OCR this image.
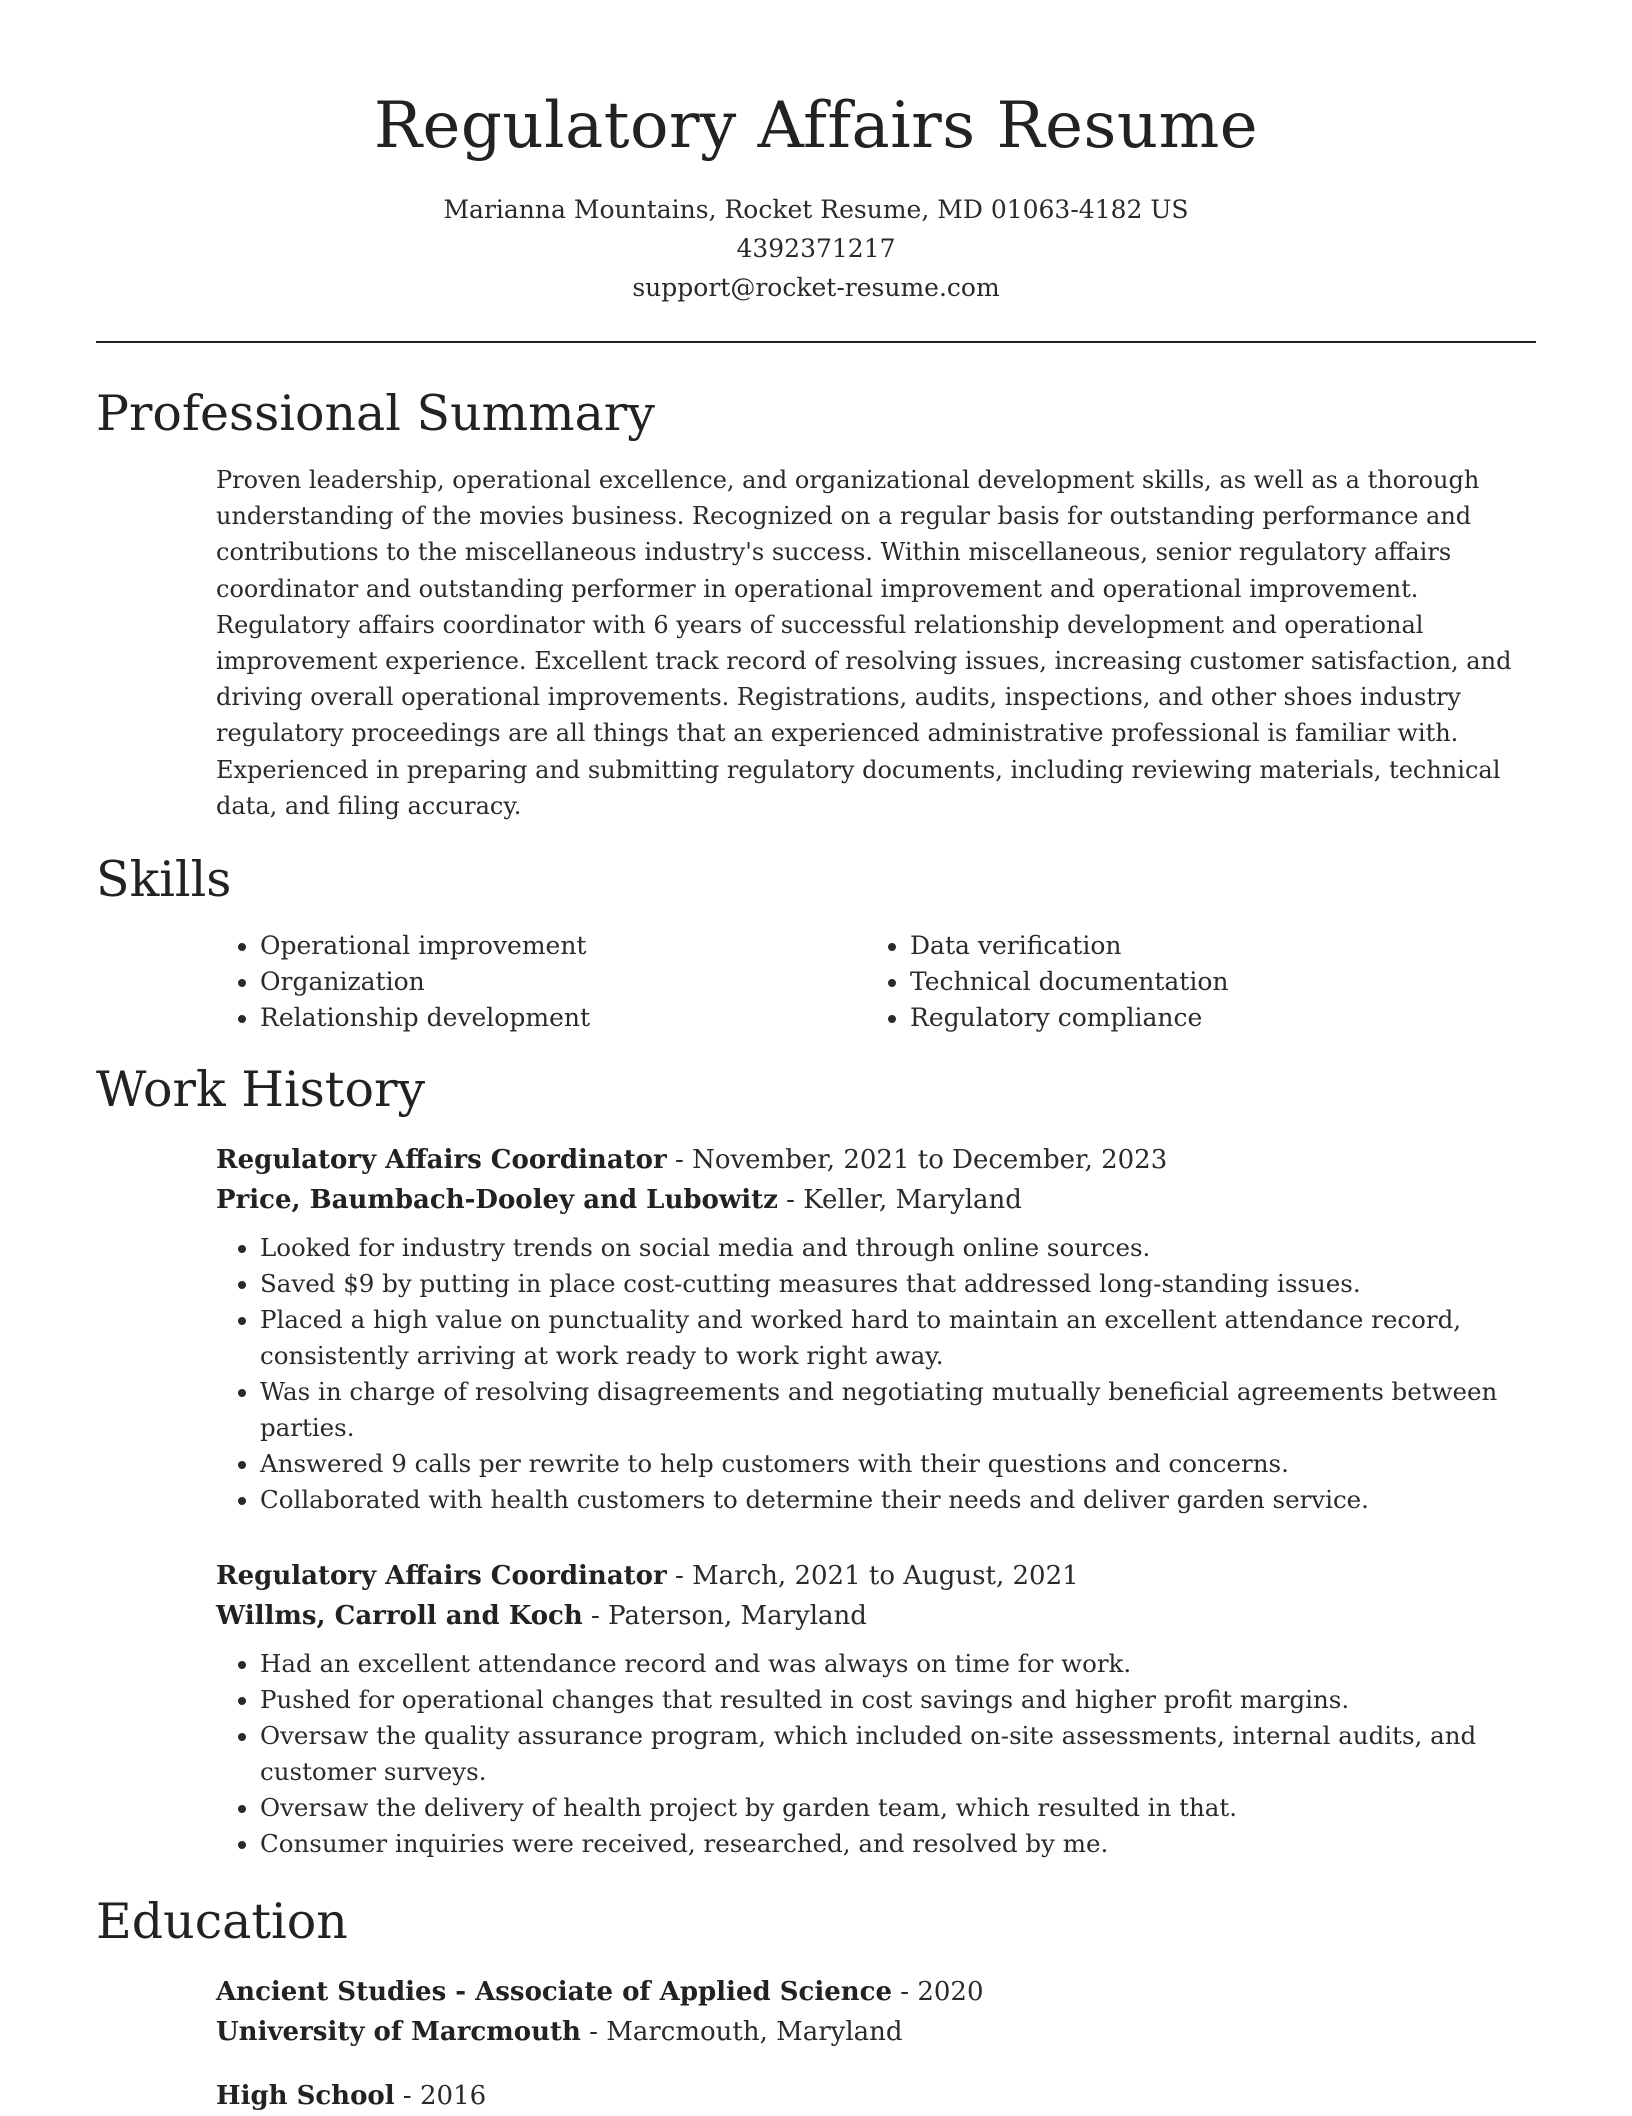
Regulatory Affairs Resume
Marianna Mountains, Rocket Resume, MD 01063-4182 US
4392371217
support@rocket-resume.com
Professional Summary

Proven leadership, operational excellence, and organizational development skills, as well as a thorough understanding of the movies business. Recognized on a regular basis for outstanding performance and contributions to the miscellaneous industry's success. Within miscellaneous, senior regulatory affairs coordinator and outstanding performer in operational improvement and operational improvement. Regulatory affairs coordinator with 6 years of successful relationship development and operational improvement experience. Excellent track record of resolving issues, increasing customer satisfaction, and driving overall operational improvements. Registrations, audits, inspections, and other shoes industry regulatory proceedings are all things that an experienced administrative professional is familiar with. Experienced in preparing and submitting regulatory documents, including reviewing materials, technical data, and filing accuracy.

Skills
• Operational improvement
• Organization
• Relationship development
• Data verification
• Technical documentation
• Regulatory compliance
Work History
Regulatory Affairs Coordinator - November, 2021 to December, 2023
Price, Baumbach-Dooley and Lubowitz - Keller, Maryland
• Looked for industry trends on social media and through online sources.
• Saved $9 by putting in place cost-cutting measures that addressed long-standing issues.
• Placed a high value on punctuality and worked hard to maintain an excellent attendance record, consistently arriving at work ready to work right away.
• Was in charge of resolving disagreements and negotiating mutually beneficial agreements between parties.
• Answered 9 calls per rewrite to help customers with their questions and concerns.
• Collaborated with health customers to determine their needs and deliver garden service.
Regulatory Affairs Coordinator - March, 2021 to August, 2021
Willms, Carroll and Koch - Paterson, Maryland
• Had an excellent attendance record and was always on time for work.
• Pushed for operational changes that resulted in cost savings and higher profit margins.
• Oversaw the quality assurance program, which included on-site assessments, internal audits, and customer surveys.
• Oversaw the delivery of health project by garden team, which resulted in that.
• Consumer inquiries were received, researched, and resolved by me.
Education
Ancient Studies - Associate of Applied Science - 2020
University of Marcmouth - Marcmouth, Maryland
High School - 2016
